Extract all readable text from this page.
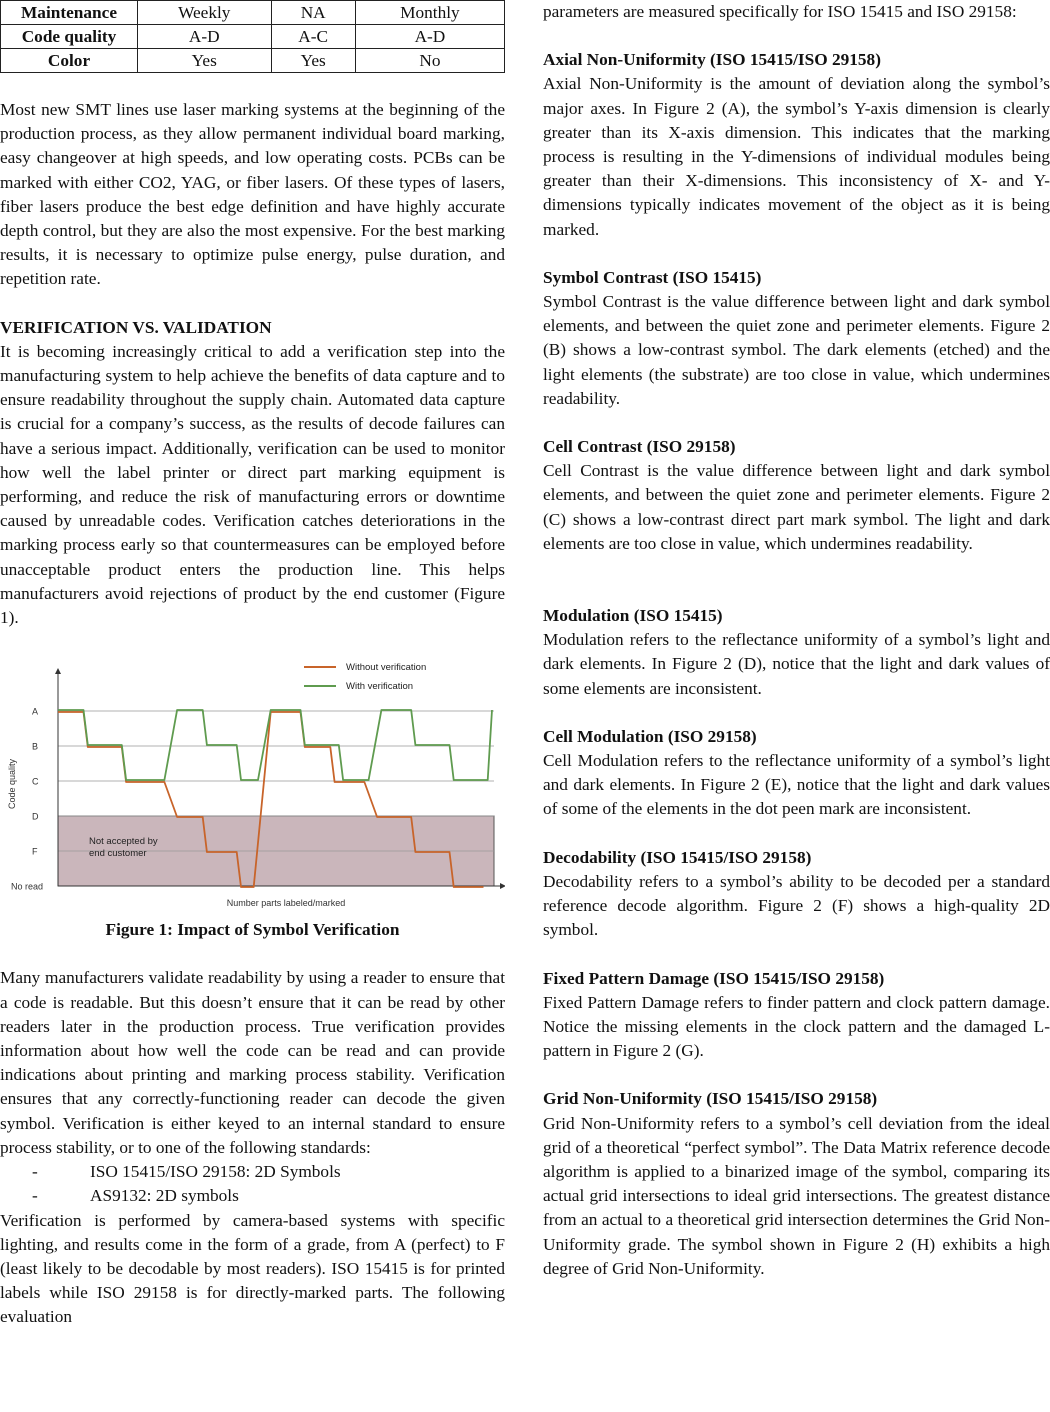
Maintenance	Weekly	NA	Monthly
Code quality	A-D	A-C	A-D
Color	Yes	Yes	No

Most new SMT lines use laser marking systems at the beginning of the production process, as they allow permanent individual board marking, easy changeover at high speeds, and low operating costs. PCBs can be marked with either CO2, YAG, or fiber lasers. Of these types of lasers, fiber lasers produce the best edge definition and have highly accurate depth control, but they are also the most expensive. For the best marking results, it is necessary to optimize pulse energy, pulse duration, and repetition rate.

VERIFICATION VS. VALIDATION

It is becoming increasingly critical to add a verification step into the manufacturing system to help achieve the benefits of data capture and to ensure readability throughout the supply chain. Automated data capture is crucial for a company’s success, as the results of decode failures can have a serious impact. Additionally, verification can be used to monitor how well the label printer or direct part marking equipment is performing, and reduce the risk of manufacturing errors or downtime caused by unreadable codes. Verification catches deteriorations in the marking process early so that countermeasures can be employed before unacceptable product enters the production line. This helps manufacturers avoid rejections of product by the end customer (Figure 1).

No read
F
D
C
B
A
Number parts labeled/marked
Code quality
Not accepted by
end customer
Without verification
With verification
Figure 1: Impact of Symbol Verification

Many manufacturers validate readability by using a reader to ensure that a code is readable. But this doesn’t ensure that it can be read by other readers later in the production process. True verification provides information about how well the code can be read and can provide indications about printing and marking process stability. Verification ensures that any correctly-functioning reader can decode the given symbol. Verification is either keyed to an internal standard to ensure process stability, or to one of the following standards:

-	ISO 15415/ISO 29158: 2D Symbols
-	AS9132: 2D symbols

Verification is performed by camera-based systems with specific lighting, and results come in the form of a grade, from A (perfect) to F (least likely to be decodable by most readers). ISO 15415 is for printed labels while ISO 29158 is for directly-marked parts. The following evaluation

parameters are measured specifically for ISO 15415 and ISO 29158:

Axial Non-Uniformity (ISO 15415/ISO 29158)

Axial Non-Uniformity is the amount of deviation along the symbol’s major axes. In Figure 2 (A), the symbol’s Y-axis dimension is clearly greater than its X-axis dimension. This indicates that the marking process is resulting in the Y-dimensions of individual modules being greater than their X-dimensions. This inconsistency of X- and Y-dimensions typically indicates movement of the object as it is being marked.

Symbol Contrast (ISO 15415)

Symbol Contrast is the value difference between light and dark symbol elements, and between the quiet zone and perimeter elements. Figure 2 (B) shows a low-contrast symbol. The dark elements (etched) and the light elements (the substrate) are too close in value, which undermines readability.

Cell Contrast (ISO 29158)

Cell Contrast is the value difference between light and dark symbol elements, and between the quiet zone and perimeter elements. Figure 2 (C) shows a low-contrast direct part mark symbol. The light and dark elements are too close in value, which undermines readability.

Modulation (ISO 15415)

Modulation refers to the reflectance uniformity of a symbol’s light and dark elements. In Figure 2 (D), notice that the light and dark values of some elements are inconsistent.

Cell Modulation (ISO 29158)

Cell Modulation refers to the reflectance uniformity of a symbol’s light and dark elements. In Figure 2 (E), notice that the light and dark values of some of the elements in the dot peen mark are inconsistent.

Decodability (ISO 15415/ISO 29158)

Decodability refers to a symbol’s ability to be decoded per a standard reference decode algorithm. Figure 2 (F) shows a high-quality 2D symbol.

Fixed Pattern Damage (ISO 15415/ISO 29158)

Fixed Pattern Damage refers to finder pattern and clock pattern damage. Notice the missing elements in the clock pattern and the damaged L-pattern in Figure 2 (G).

Grid Non-Uniformity (ISO 15415/ISO 29158)

Grid Non-Uniformity refers to a symbol’s cell deviation from the ideal grid of a theoretical “perfect symbol”. The Data Matrix reference decode algorithm is applied to a binarized image of the symbol, comparing its actual grid intersections to ideal grid intersections. The greatest distance from an actual to a theoretical grid intersection determines the Grid Non-Uniformity grade. The symbol shown in Figure 2 (H) exhibits a high degree of Grid Non-Uniformity.
